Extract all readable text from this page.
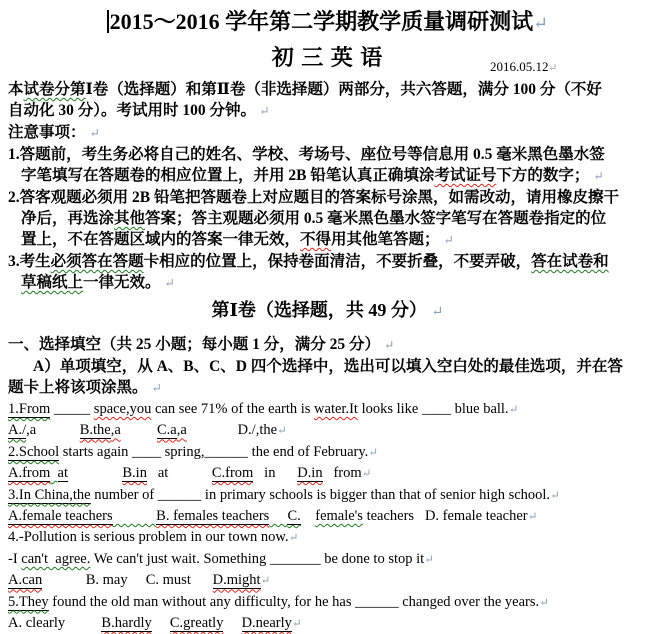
2015～2016 学年第二学期教学质量调研测试↵
初 三 英 语	2016.05.12↵
本试卷分第Ⅰ卷（选择题）和第Ⅱ卷（非选择题）两部分，共六答题，满分 100 分（不好
自动化 30 分）。考试用时 100 分钟。 ↵
注意事项： ↵
1.答题前，考生务必将自己的姓名、学校、考场号、座位号等信息用 0.5 毫米黑色墨水签
字笔填写在答题卷的相应位置上，并用 2B 铅笔认真正确填涂考试证号下方的数字； ↵
2.答客观题必须用 2B 铅笔把答题卷上对应题目的答案标号涂黑，如需改动，请用橡皮擦干
净后，再选涂其他答案；答主观题必须用 0.5 毫米黑色墨水签字笔写在答题卷指定的位
置上，不在答题区域内的答案一律无效，不得用其他笔答题； ↵
3.考生必须答在答题卡相应的位置上，保持卷面清洁，不要折叠，不要弄破，答在试卷和
草稿纸上一律无效。 ↵
第Ⅰ卷（选择题，共 49 分） ↵
一、选择填空（共 25 小题；每小题 1 分，满分 25 分） ↵
A）单项填空，从 A、B、C、D 四个选择中，选出可以填入空白处的最佳选项，并在答
题卡上将该项涂黑。 ↵
1.From _____ space,you can see 71% of the earth is water.It looks like ____ blue ball.↵
A./,a	B.the,a	C.a,a	D./,the↵
2.School starts again ____ spring,______ the end of February.↵
A.from at	B.in   at	C.from   in D.in   from↵
3.In China,the number of ______ in primary schools is bigger than that of senior high school.↵
A.female teachers	B. females teachers C. female's teachers   D. female teacher↵
4.-Pollution is serious problem in our town now.↵
-I can't  agree. We can't just wait. Something _______ be done to stop it↵
A.can	B. may C. must D.might↵
5.They found the old man without any difficulty, for he has ______ changed over the years.↵
A. clearly	B.hardly C.greatly D.nearly↵
